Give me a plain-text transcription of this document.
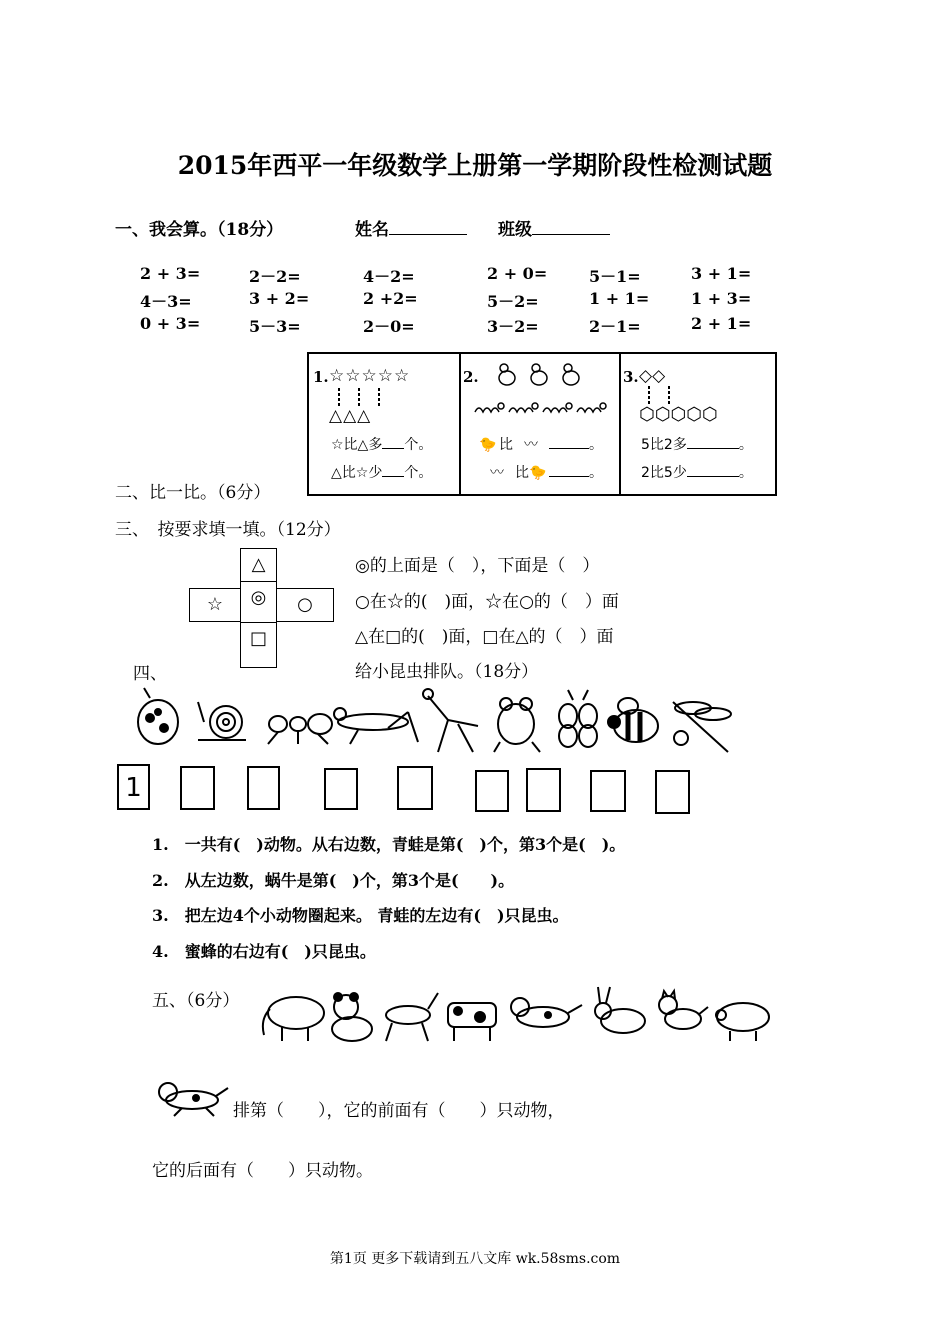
2015年西平一年级数学上册第一学期阶段性检测试题
一、我会算。（18分）	姓名	班级
2 + 3=	2－2=	4－2=	2 + 0=	5－1=	3 + 1=
4－3=	3 + 2=	2 +2=	5－2=	1 + 1=	1 + 3=
0 + 3=	5－3=	2－0=	3－2=	2－1=	2 + 1=
1. ☆☆☆☆☆
△△△
☆比△多 个。
△比☆少 个。
2.
🐤 比 〰	。
〰 比🐤	。
3. ◇◇
⬡⬡⬡⬡⬡
5比2多	。
2比5少	。
二、比一比。（6分）
三、　按要求填一填。（12分）
△
☆	◎	○
□
◎的上面是（　），下面是（　）
○在☆的(　)面，☆在○的（　）面
△在□的(　)面，□在△的（　）面
四、	给小昆虫排队。（18分）
1
1.　一共有(　)动物。从右边数，青蛙是第(　)个，第3个是(　)。
2.　从左边数，蜗牛是第(　)个，第3个是(　　)。
3.　把左边4个小动物圈起来。 青蛙的左边有(　)只昆虫。
4.　蜜蜂的右边有(　)只昆虫。
五、（6分）
排第（　　），它的前面有（　　）只动物，
它的后面有（　　）只动物。
第1页 更多下载请到五八文库 wk.58sms.com
